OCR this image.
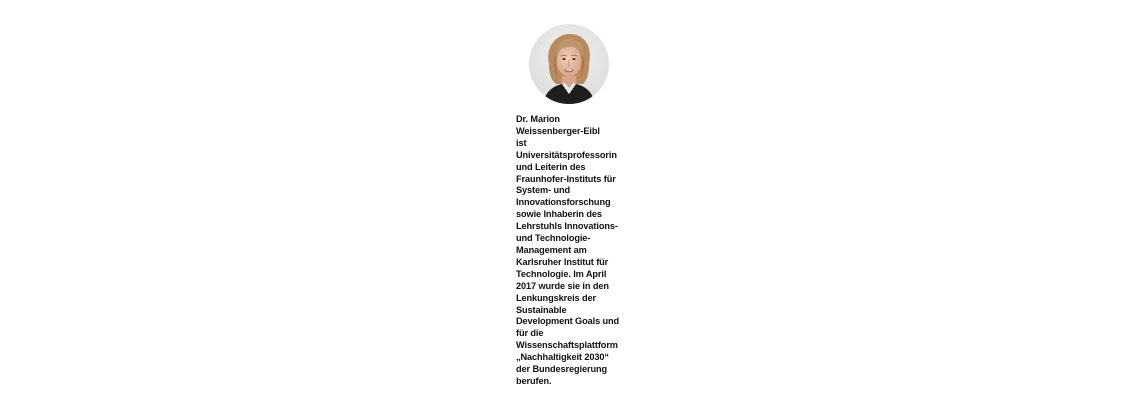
Dr. Marion
Weissenberger-Eibl
ist
Universitätsprofessorin
und Leiterin des
Fraunhofer-Instituts für
System- und
Innovationsforschung
sowie Inhaberin des
Lehrstuhls Innovations-
und Technologie-
Management am
Karlsruher Institut für
Technologie. Im April
2017 wurde sie in den
Lenkungskreis der
Sustainable
Development Goals und
für die
Wissenschaftsplattform
„Nachhaltigkeit 2030“
der Bundesregierung
berufen.
